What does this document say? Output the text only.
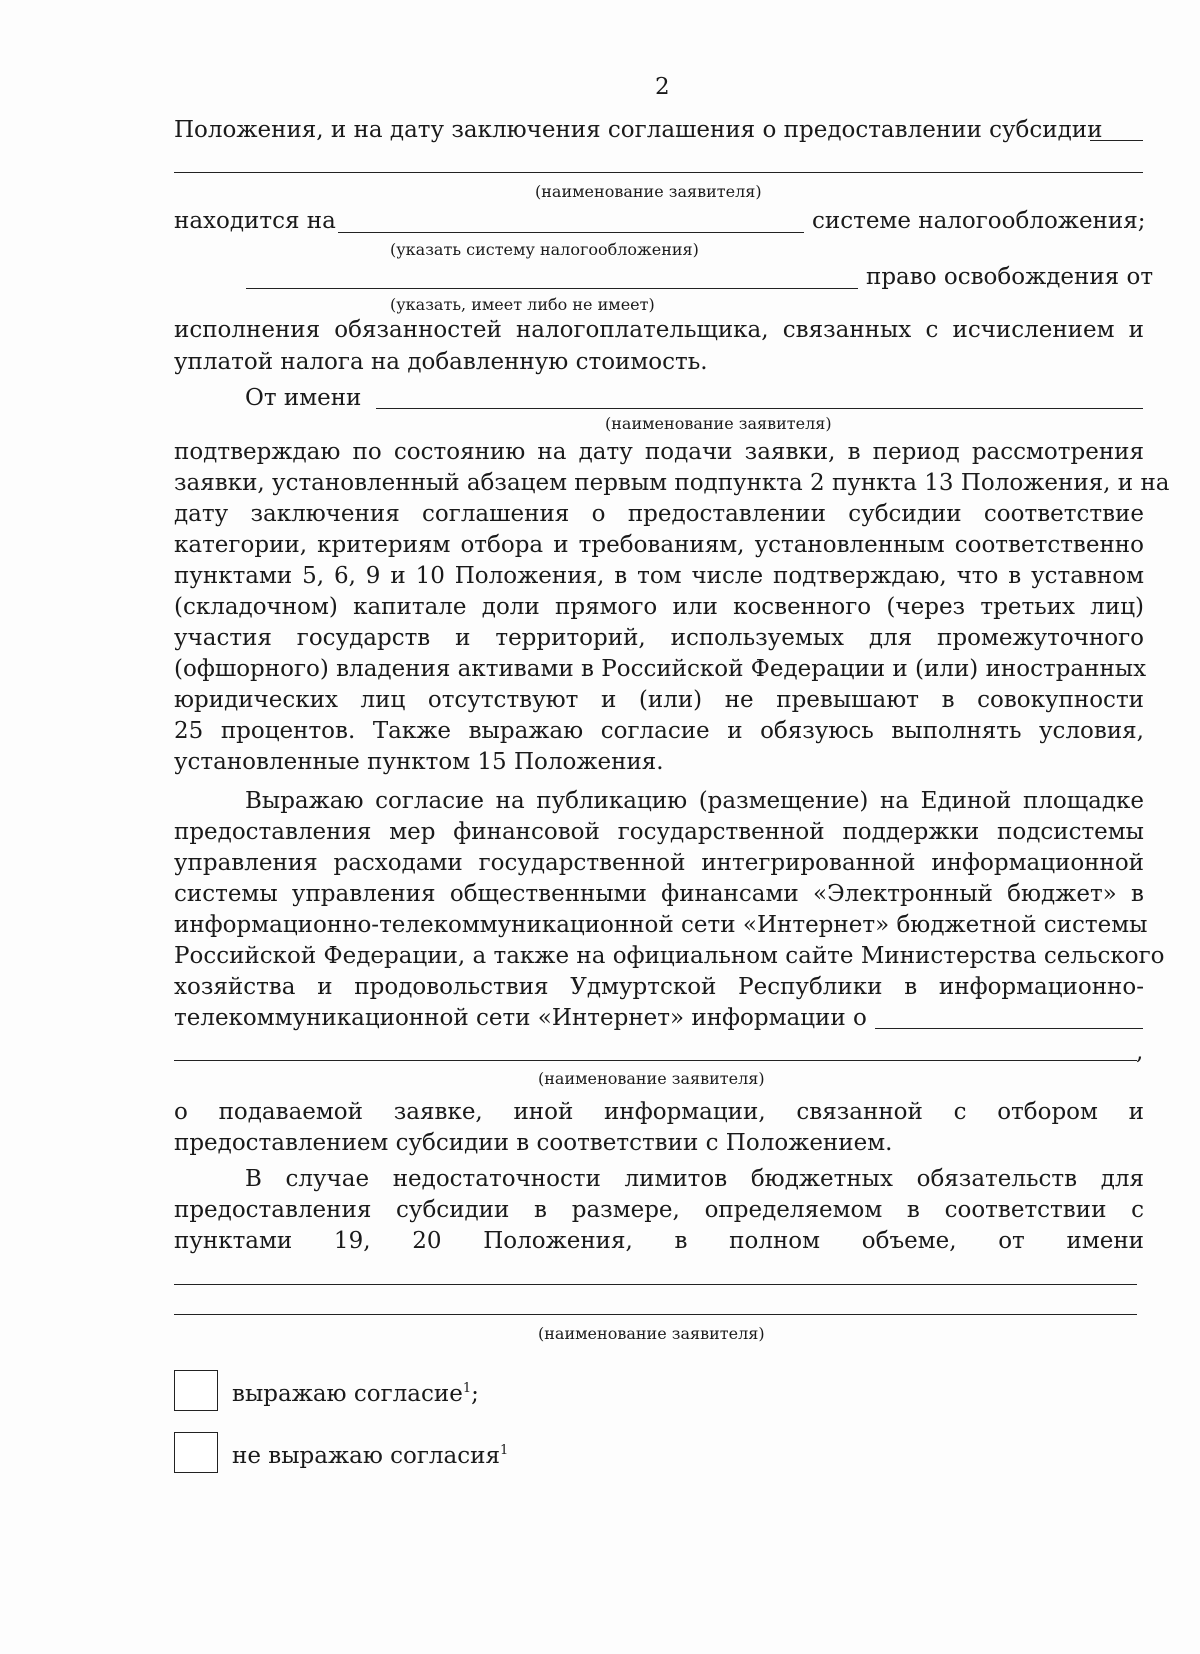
2
Положения, и на дату заключения соглашения о предоставлении субсидии
(наименование заявителя)
находится на	системе налогообложения;
(указать систему налогообложения)
право освобождения от
(указать, имеет либо не имеет)
исполнения обязанностей налогоплательщика, связанных с исчислением и
уплатой налога на добавленную стоимость.
От имени
(наименование заявителя)
подтверждаю по состоянию на дату подачи заявки, в период рассмотрения
заявки, установленный абзацем первым подпункта 2 пункта 13 Положения, и на
дату заключения соглашения о предоставлении субсидии соответствие
категории, критериям отбора и требованиям, установленным соответственно
пунктами 5, 6, 9 и 10 Положения, в том числе подтверждаю, что в уставном
(складочном) капитале доли прямого или косвенного (через третьих лиц)
участия государств и территорий, используемых для промежуточного
(офшорного) владения активами в Российской Федерации и (или) иностранных
юридических лиц отсутствуют и (или) не превышают в совокупности
25 процентов. Также выражаю согласие и обязуюсь выполнять условия,
установленные пунктом 15 Положения.
Выражаю согласие на публикацию (размещение) на Единой площадке
предоставления мер финансовой государственной поддержки подсистемы
управления расходами государственной интегрированной информационной
системы управления общественными финансами «Электронный бюджет» в
информационно-телекоммуникационной сети «Интернет» бюджетной системы
Российской Федерации, а также на официальном сайте Министерства сельского
хозяйства и продовольствия Удмуртской Республики в информационно-
телекоммуникационной сети «Интернет» информации о
,
(наименование заявителя)
о подаваемой заявке, иной информации, связанной с отбором и
предоставлением субсидии в соответствии с Положением.
В случае недостаточности лимитов бюджетных обязательств для
предоставления субсидии в размере, определяемом в соответствии с
пунктами 19, 20 Положения, в полном объеме, от имени
(наименование заявителя)
выражаю согласие$^1$;
не выражаю согласия$^1$
